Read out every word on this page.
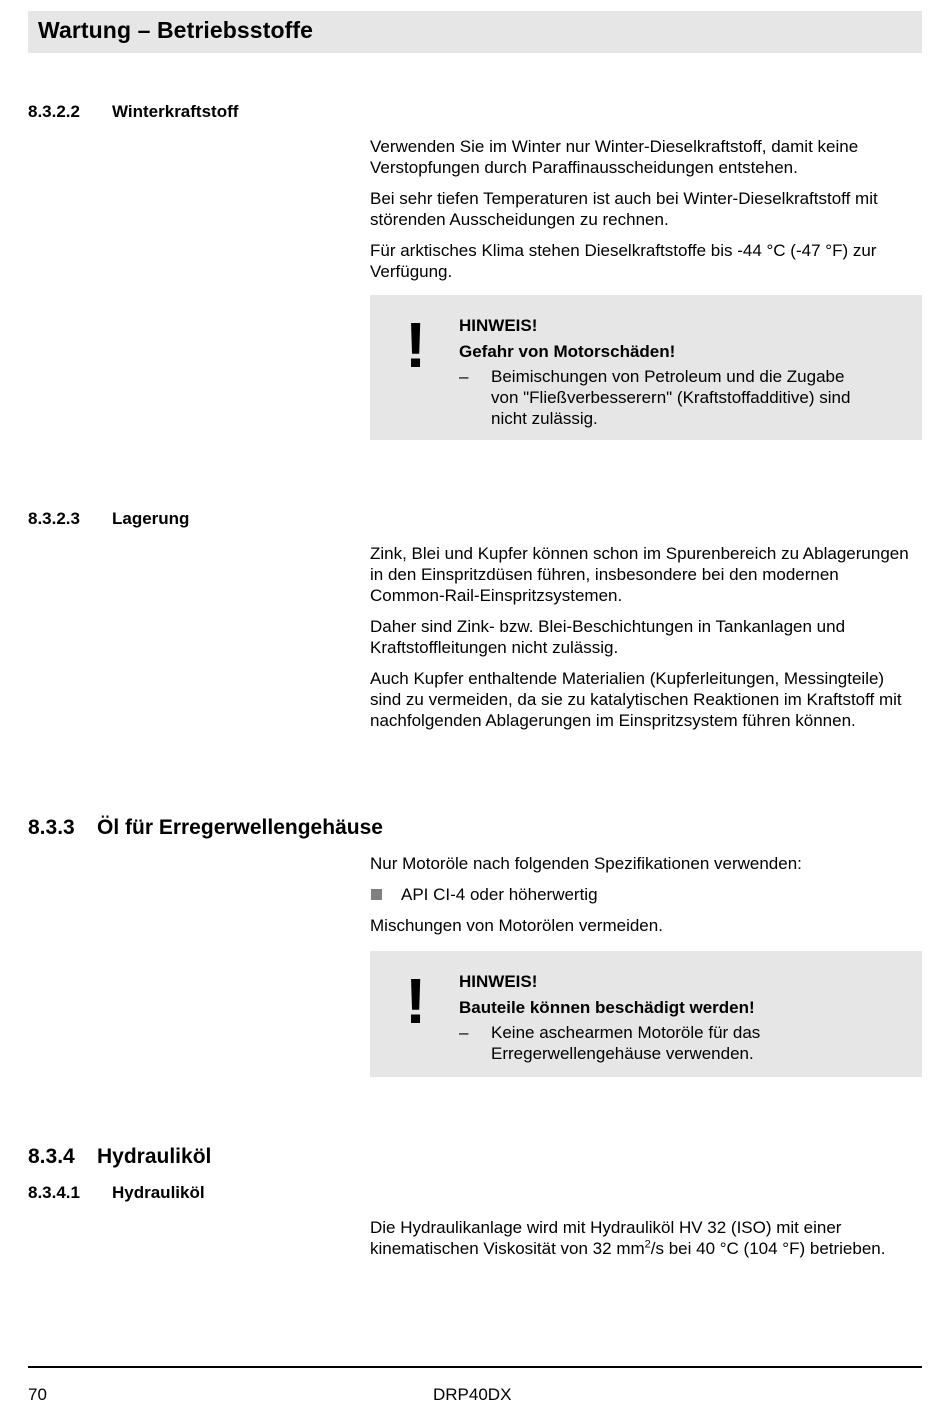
Wartung – Betriebsstoffe
8.3.2.2 Winterkraftstoff

Verwenden Sie im Winter nur Winter-Dieselkraftstoff, damit keine Verstopfungen durch Paraffinausscheidungen entstehen.

Bei sehr tiefen Temperaturen ist auch bei Winter-Dieselkraftstoff mit störenden Ausscheidungen zu rechnen.

Für arktisches Klima stehen Dieselkraftstoffe bis -44 °C (-47 °F) zur Verfügung.

! HINWEIS!
Gefahr von Motorschäden!
– Beimischungen von Petroleum und die Zugabe von "Fließverbesserern" (Kraftstoffadditive) sind nicht zulässig.
8.3.2.3 Lagerung

Zink, Blei und Kupfer können schon im Spurenbereich zu Ablagerungen in den Einspritzdüsen führen, insbesondere bei den modernen Common-Rail-Einspritzsystemen.

Daher sind Zink- bzw. Blei-Beschichtungen in Tankanlagen und Kraftstoffleitungen nicht zulässig.

Auch Kupfer enthaltende Materialien (Kupferleitungen, Messingteile) sind zu vermeiden, da sie zu katalytischen Reaktionen im Kraftstoff mit nachfolgenden Ablagerungen im Einspritzsystem führen können.

8.3.3 Öl für Erregerwellengehäuse

Nur Motoröle nach folgenden Spezifikationen verwenden:

API CI-4 oder höherwertig

Mischungen von Motorölen vermeiden.

! HINWEIS!
Bauteile können beschädigt werden!
– Keine aschearmen Motoröle für das Erregerwellengehäuse verwenden.
8.3.4 Hydrauliköl
8.3.4.1 Hydrauliköl

Die Hydraulikanlage wird mit Hydrauliköl HV 32 (ISO) mit einer kinematischen Viskosität von 32 $mm^2/s$ bei 40 °C (104 °F) betrieben.

70	DRP40DX
